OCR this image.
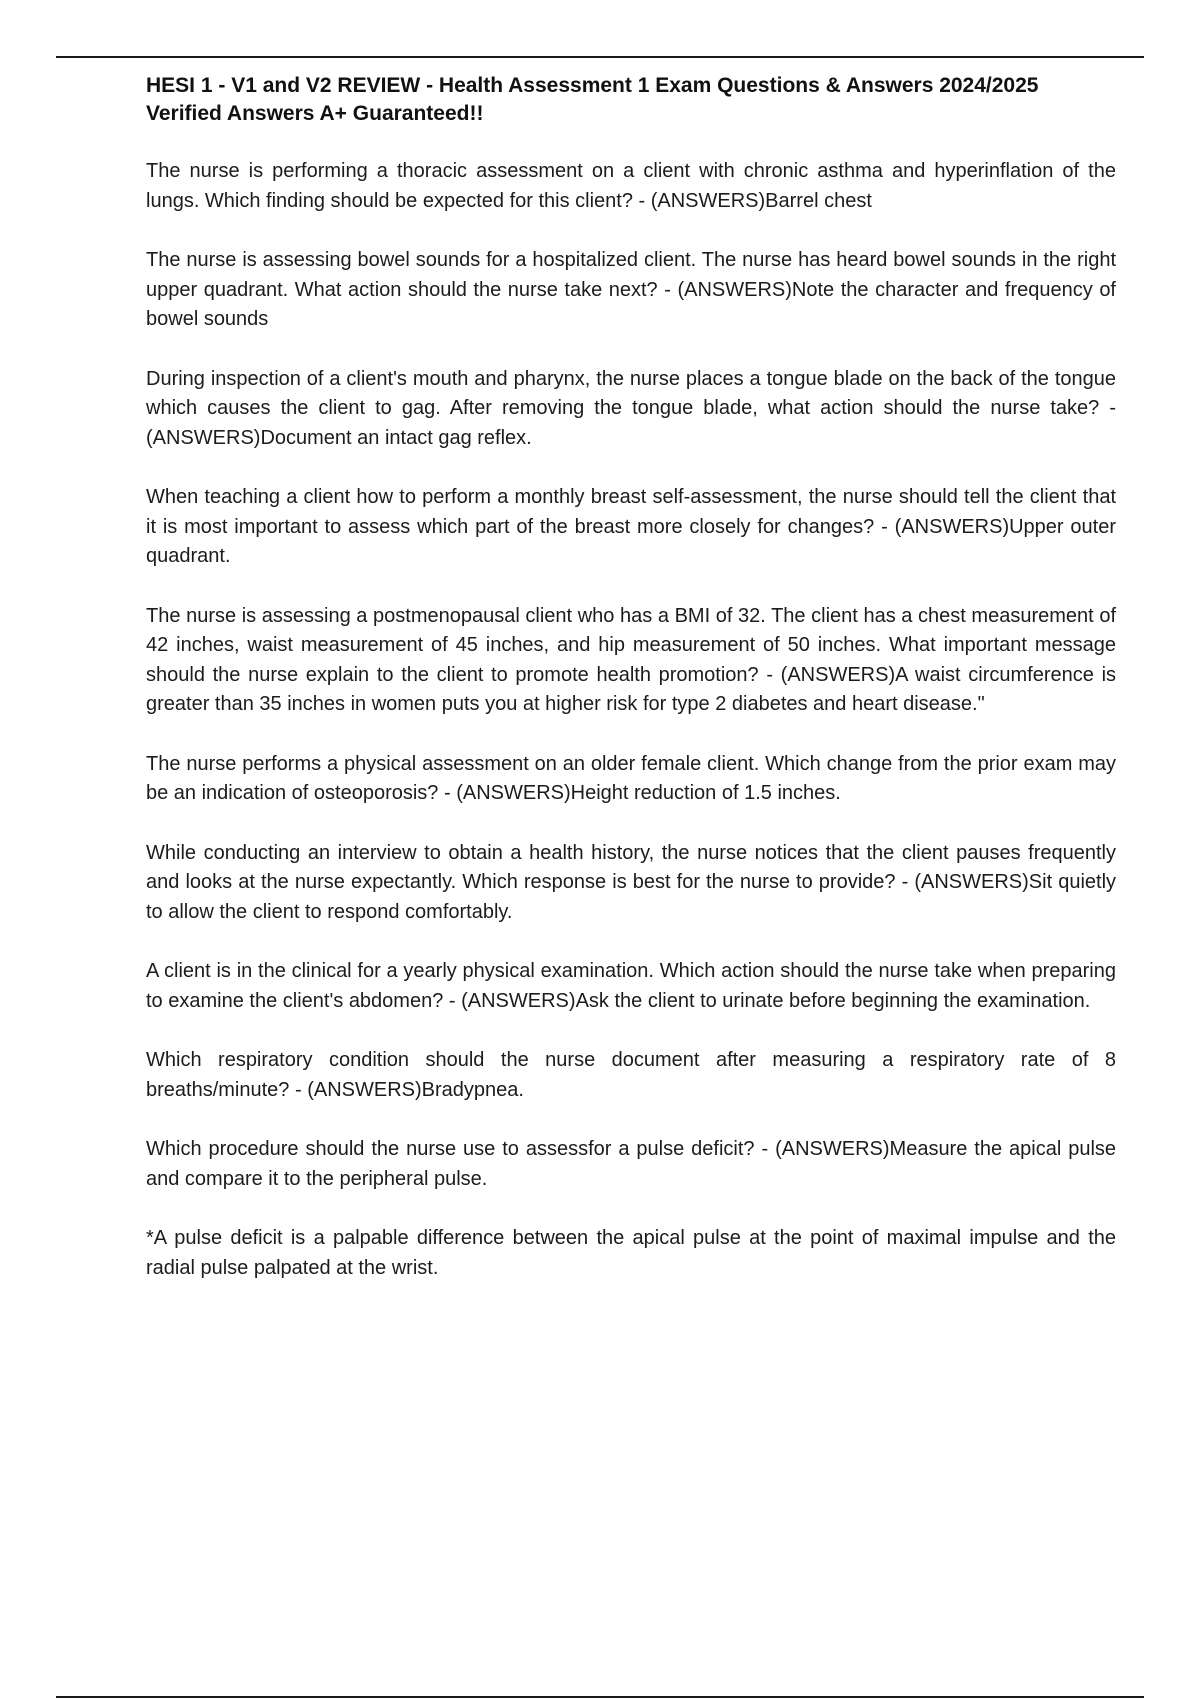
HESI 1 - V1 and V2 REVIEW - Health Assessment 1 Exam Questions & Answers 2024/2025 Verified Answers A+ Guaranteed!!

The nurse is performing a thoracic assessment on a client with chronic asthma and hyperinflation of the lungs. Which finding should be expected for this client? - (ANSWERS)Barrel chest

The nurse is assessing bowel sounds for a hospitalized client. The nurse has heard bowel sounds in the right upper quadrant. What action should the nurse take next? - (ANSWERS)Note the character and frequency of bowel sounds

During inspection of a client's mouth and pharynx, the nurse places a tongue blade on the back of the tongue which causes the client to gag. After removing the tongue blade, what action should the nurse take? - (ANSWERS)Document an intact gag reflex.

When teaching a client how to perform a monthly breast self-assessment, the nurse should tell the client that it is most important to assess which part of the breast more closely for changes? - (ANSWERS)Upper outer quadrant.

The nurse is assessing a postmenopausal client who has a BMI of 32. The client has a chest measurement of 42 inches, waist measurement of 45 inches, and hip measurement of 50 inches. What important message should the nurse explain to the client to promote health promotion? - (ANSWERS)A waist circumference is greater than 35 inches in women puts you at higher risk for type 2 diabetes and heart disease."

The nurse performs a physical assessment on an older female client. Which change from the prior exam may be an indication of osteoporosis? - (ANSWERS)Height reduction of 1.5 inches.

While conducting an interview to obtain a health history, the nurse notices that the client pauses frequently and looks at the nurse expectantly. Which response is best for the nurse to provide? - (ANSWERS)Sit quietly to allow the client to respond comfortably.

A client is in the clinical for a yearly physical examination. Which action should the nurse take when preparing to examine the client's abdomen? - (ANSWERS)Ask the client to urinate before beginning the examination.

Which respiratory condition should the nurse document after measuring a respiratory rate of 8 breaths/minute? - (ANSWERS)Bradypnea.

Which procedure should the nurse use to assessfor a pulse deficit? - (ANSWERS)Measure the apical pulse and compare it to the peripheral pulse.

*A pulse deficit is a palpable difference between the apical pulse at the point of maximal impulse and the radial pulse palpated at the wrist.
